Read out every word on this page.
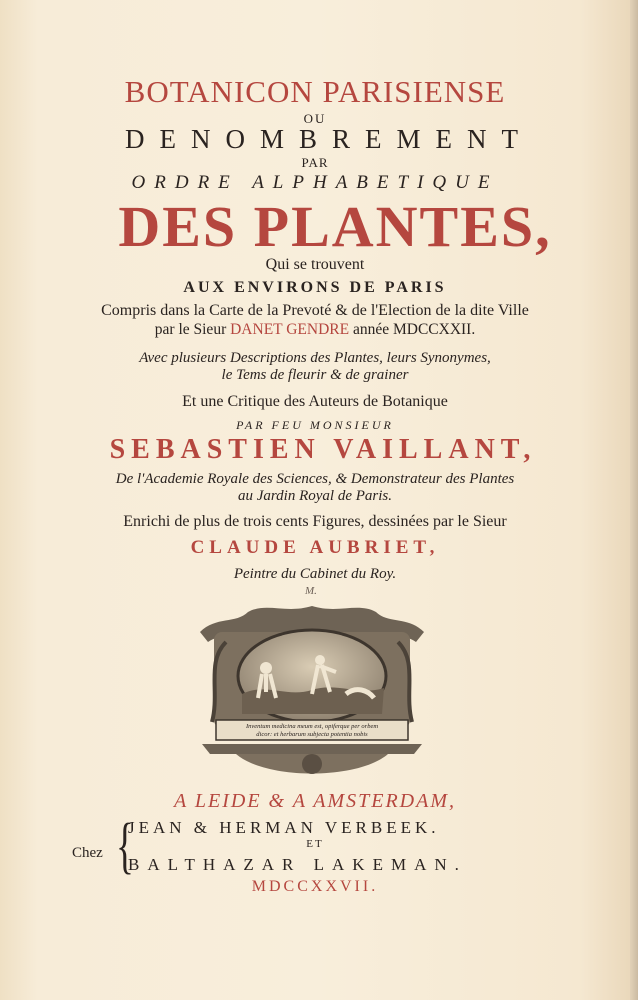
BOTANICON PARISIENSE
OU
DENOMBREMENT
PAR
ORDRE ALPHABETIQUE
DES PLANTES,
Qui se trouvent
AUX ENVIRONS DE PARIS
Compris dans la Carte de la Prevoté & de l'Election de la dite Ville
par le Sieur DANET GENDRE année MDCCXXII.
Avec plusieurs Descriptions des Plantes, leurs Synonymes,
le Tems de fleurir & de grainer
Et une Critique des Auteurs de Botanique
PAR FEU MONSIEUR
SEBASTIEN VAILLANT,
De l'Academie Royale des Sciences, & Demonstrateur des Plantes
au Jardin Royal de Paris.
Enrichi de plus de trois cents Figures, dessinées par le Sieur
CLAUDE AUBRIET,
Peintre du Cabinet du Roy.
M.
Inventum medicina meum est, opiferque per orbem
dicor: et herbarum subjecta potentia nobis
A LEIDE & A AMSTERDAM,
Chez {
JEAN & HERMAN VERBEEK.
ET
BALTHAZAR LAKEMAN.
MDCCXXVII.
